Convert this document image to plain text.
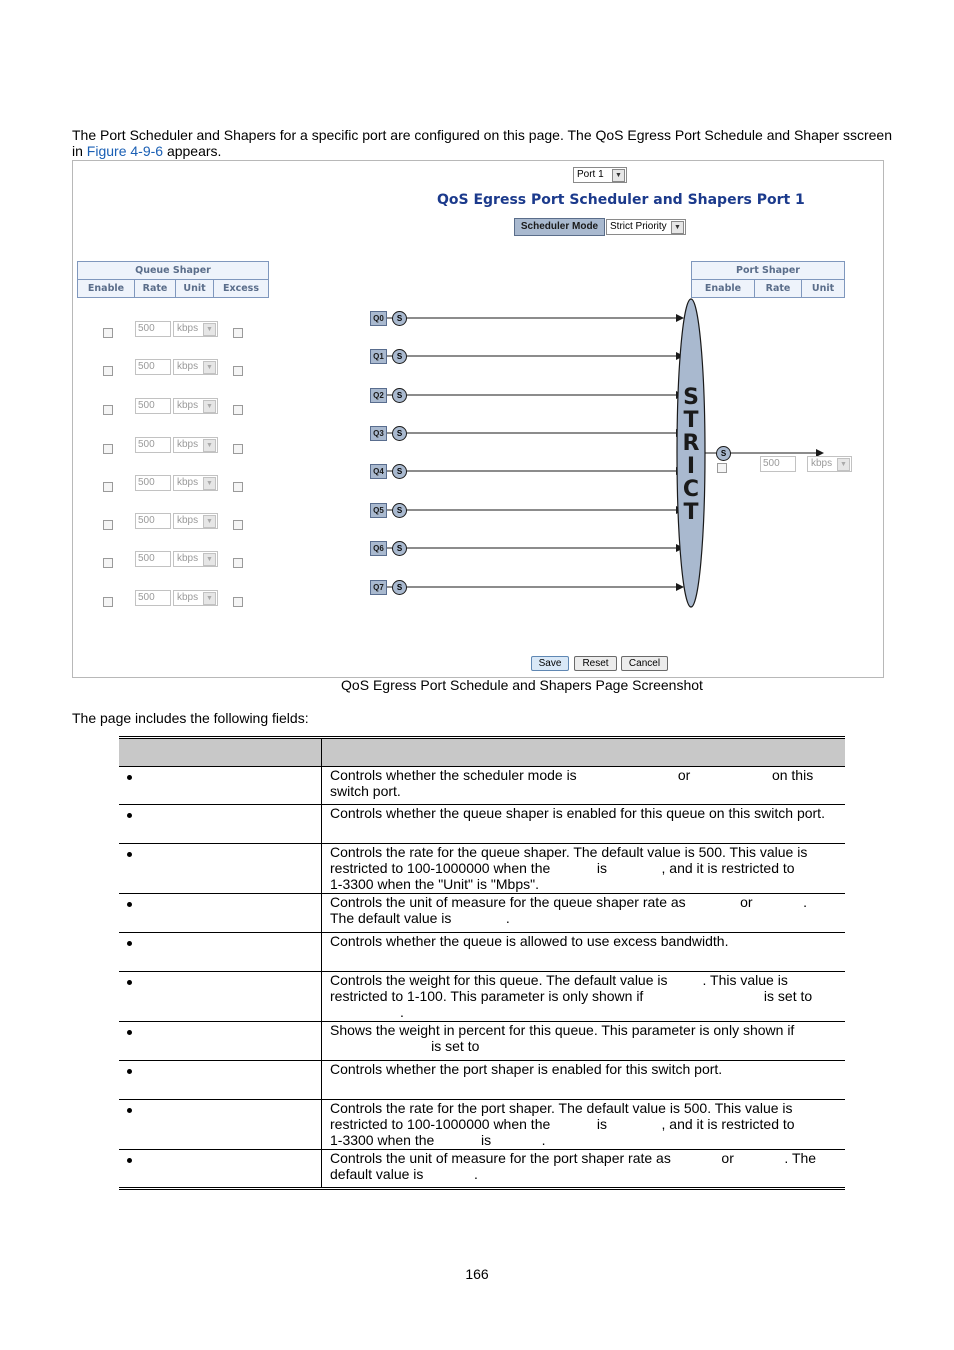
The Port Scheduler and Shapers for a specific port are configured on this page. The QoS Egress Port Schedule and Shaper sscreen in Figure 4-9-6 appears.
Port 1	▼
QoS Egress Port Scheduler and Shapers Port 1
Scheduler Mode	Strict Priority	▼
Queue Shaper
Enable	Rate	Unit	Excess
500	kbps	▼
500	kbps	▼
500	kbps	▼
500	kbps	▼
500	kbps	▼
500	kbps	▼
500	kbps	▼
500	kbps	▼
Port Shaper
Enable	Rate	Unit
S
T
R
I
C
T
S
500	kbps	▼
Q0	S
Q1	S
Q2	S
Q3	S
Q4	S
Q5	S
Q6	S
Q7	S
Save	Reset	Cancel
QoS Egress Port Schedule and Shapers Page Screenshot
The page includes the following fields:

	Controls whether the scheduler mode is                          or                     on this
switch port.

	Controls whether the queue shaper is enabled for this queue on this switch port.

	Controls the rate for the queue shaper. The default value is 500. This value is
restricted to 100-1000000 when the            is              , and it is restricted to
1-3300 when the "Unit" is "Mbps".

	Controls the unit of measure for the queue shaper rate as              or             .
The default value is              .

	Controls whether the queue is allowed to use excess bandwidth.

	Controls the weight for this queue. The default value is         . This value is
restricted to 1-100. This parameter is only shown if                               is set to
.

	Shows the weight in percent for this queue. This parameter is only shown if
is set to

	Controls whether the port shaper is enabled for this switch port.

	Controls the rate for the port shaper. The default value is 500. This value is
restricted to 100-1000000 when the            is              , and it is restricted to
1-3300 when the            is             .

	Controls the unit of measure for the port shaper rate as             or             . The
default value is             .
166
